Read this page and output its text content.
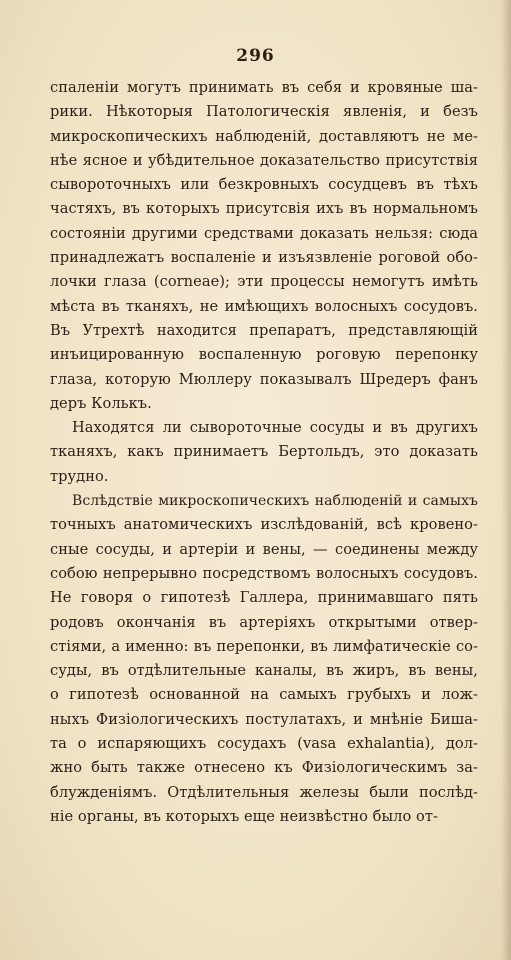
296

спаленіи могутъ принимать въ себя и кровяные ша-
рики. Нѣкоторыя Патологическія явленія, и безъ
микроскопическихъ наблюденій, доставляютъ не ме-
нѣе ясное и убѣдительное доказательство присутствія
сывороточныхъ или безкровныхъ сосудцевъ въ тѣхъ
частяхъ, въ которыхъ присутсвія ихъ въ нормальномъ
состояніи другими средствами доказать нельзя: сюда
принадлежатъ воспаленіе и изъязвленіе роговой обо-
лочки глаза (corneae); эти процессы немогутъ имѣть
мѣста въ тканяхъ, не имѣющихъ волосныхъ сосудовъ.
Въ Утрехтѣ находится препаратъ, представляющій
инъицированную воспаленную роговую перепонку
глаза, которую Мюллеру показывалъ Шредеръ фанъ
деръ Колькъ.

Находятся ли сывороточные сосуды и въ другихъ
тканяхъ, какъ принимаетъ Бертольдъ, это доказать
трудно.

Вслѣдствіе микроскопическихъ наблюденій и самыхъ
точныхъ анатомическихъ изслѣдованій, всѣ кровено-
сные сосуды, и артеріи и вены, — соединены между
собою непрерывно посредствомъ волосныхъ сосудовъ.
Не говоря о гипотезѣ Галлера, принимавшаго пять
родовъ окончанія въ артеріяхъ открытыми отвер-
стіями, а именно: въ перепонки, въ лимфатическіе со-
суды, въ отдѣлительные каналы, въ жиръ, въ вены,
о гипотезѣ основанной на самыхъ грубыхъ и лож-
ныхъ Физіологическихъ постулатахъ, и мнѣніе Биша-
та о испаряющихъ сосудахъ (vasa exhalantia), дол-
жно быть также отнесено къ Физіологическимъ за-
блужденіямъ. Отдѣлительныя железы были послѣд-
ніе органы, въ которыхъ еще неизвѣстно было от-
